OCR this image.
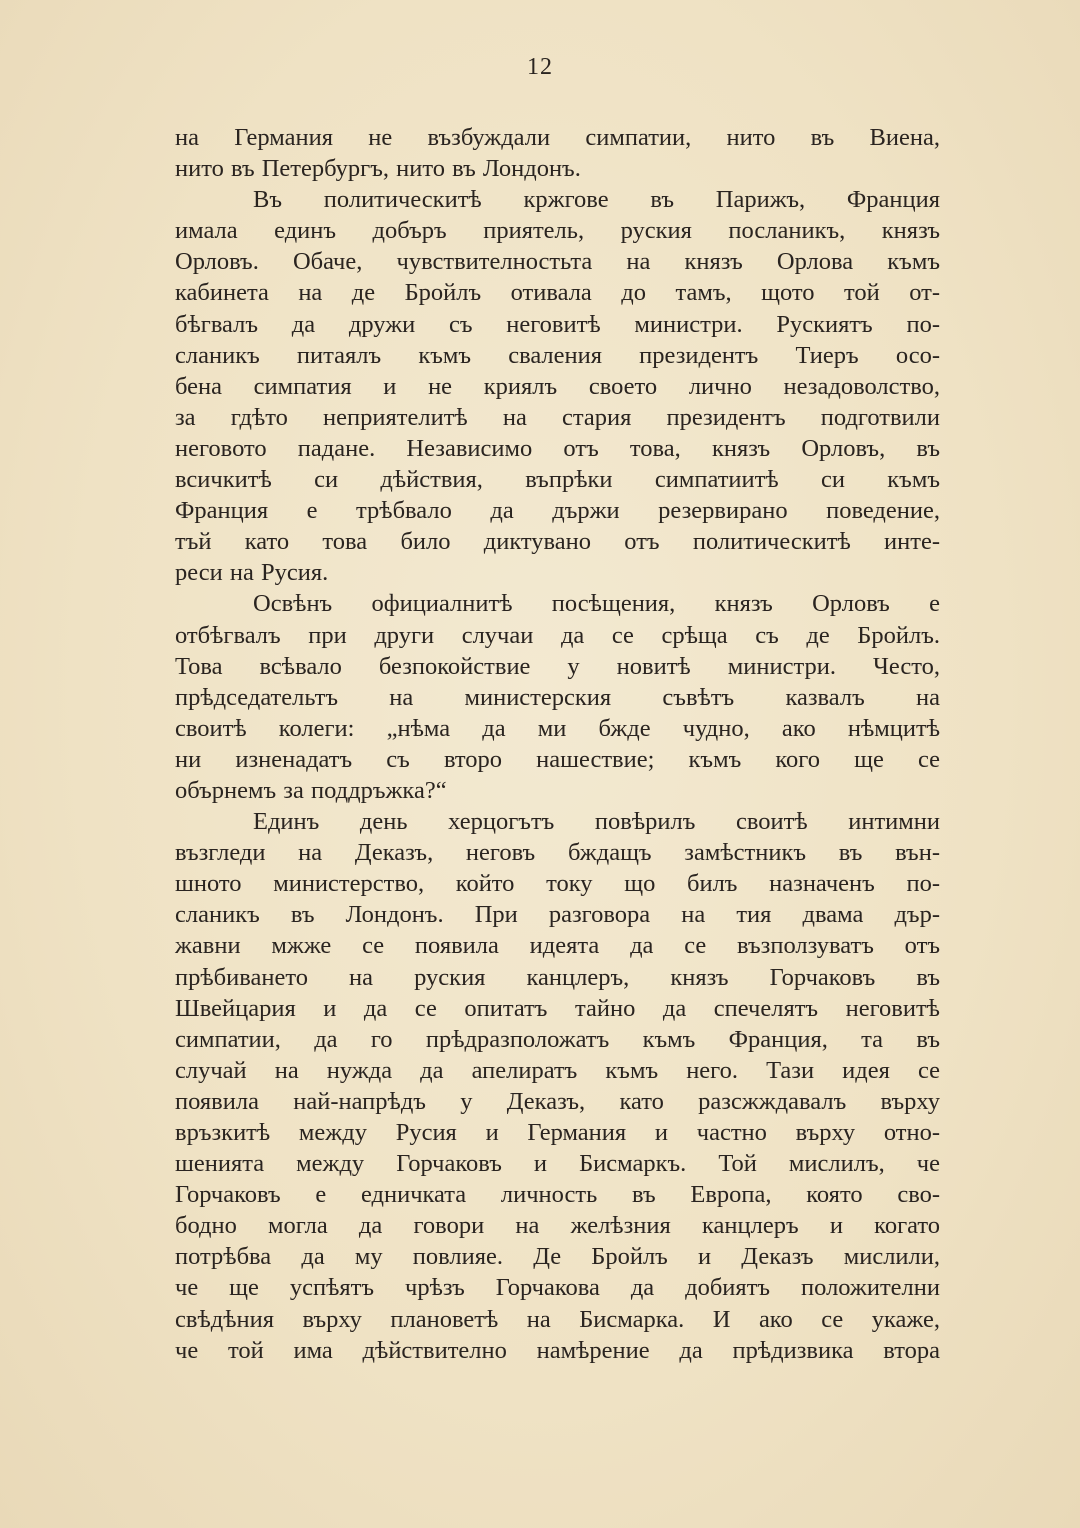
12
на Германия не възбуждали симпатии, нито въ Виена,
нито въ Петербургъ, нито въ Лондонъ.
Въ политическитѣ кржгове въ Парижъ, Франция
имала единъ добъръ приятель, руския посланикъ, князъ
Орловъ. Обаче, чувствителностьта на князъ Орлова къмъ
кабинета на де Бройлъ отивала до тамъ, щото той от-
бѣгвалъ да дружи съ неговитѣ министри. Рускиятъ по-
сланикъ питаялъ къмъ сваления президентъ Тиеръ осо-
бена симпатия и не криялъ своето лично незадоволство,
за гдѣто неприятелитѣ на стария президентъ подготвили
неговото падане. Независимо отъ това, князъ Орловъ, въ
всичкитѣ си дѣйствия, въпрѣки симпатиитѣ си къмъ
Франция е трѣбвало да държи резервирано поведение,
тъй като това било диктувано отъ политическитѣ инте-
реси на Русия.
Освѣнъ официалнитѣ посѣщения, князъ Орловъ е
отбѣгвалъ при други случаи да се срѣща съ де Бройлъ.
Това всѣвало безпокойствие у новитѣ министри. Често,
прѣдседательтъ на министерския съвѣтъ казвалъ на
своитѣ колеги: „нѣма да ми бжде чудно, ако нѣмцитѣ
ни изненадатъ съ второ нашествие; къмъ кого ще се
обърнемъ за поддръжка?“
Единъ день херцогътъ повѣрилъ своитѣ интимни
възгледи на Деказъ, неговъ бждащъ замѣстникъ въ вън-
шното министерство, който току що билъ назначенъ по-
сланикъ въ Лондонъ. При разговора на тия двама дър-
жавни мжже се появила идеята да се възползуватъ отъ
прѣбиването на руския канцлеръ, князъ Горчаковъ въ
Швейцария и да се опитатъ тайно да спечелятъ неговитѣ
симпатии, да го прѣдразположатъ къмъ Франция, та въ
случай на нужда да апелиратъ къмъ него. Тази идея се
появила най-напрѣдъ у Деказъ, като разсжждавалъ върху
връзкитѣ между Русия и Германия и частно върху отно-
шенията между Горчаковъ и Бисмаркъ. Той мислилъ, че
Горчаковъ е едничката личность въ Европа, която сво-
бодно могла да говори на желѣзния канцлеръ и когато
потрѣбва да му повлияе. Де Бройлъ и Деказъ мислили,
че ще успѣятъ чрѣзъ Горчакова да добиятъ положителни
свѣдѣния върху плановетѣ на Бисмарка. И ако се укаже,
че той има дѣйствително намѣрение да прѣдизвика втора
